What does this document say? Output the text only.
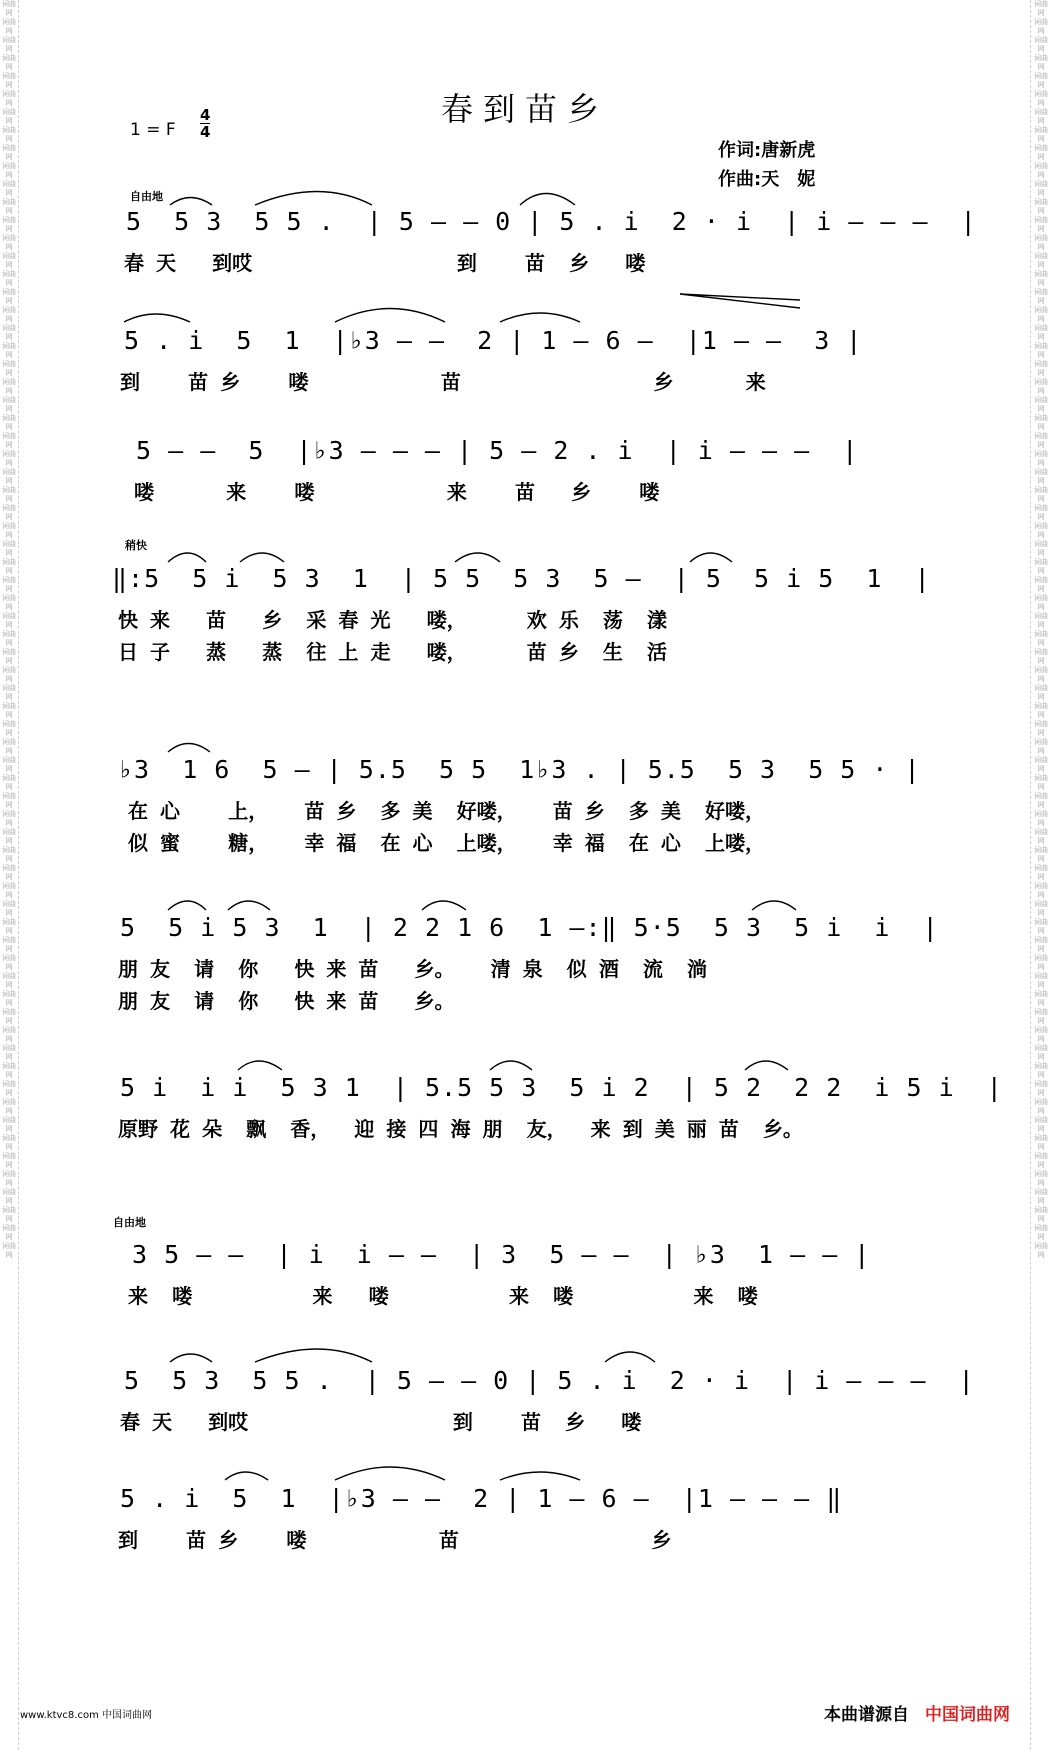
词曲网 词曲网 词曲网 词曲网 词曲网 词曲网 词曲网 词曲网 词曲网 词曲网 词曲网 词曲网 词曲网 词曲网 词曲网 词曲网 词曲网 词曲网 词曲网 词曲网 词曲网 词曲网 词曲网 词曲网 词曲网 词曲网 词曲网 词曲网 词曲网 词曲网 词曲网 词曲网 词曲网 词曲网 词曲网 词曲网 词曲网 词曲网 词曲网 词曲网 词曲网 词曲网 词曲网 词曲网 词曲网 词曲网 词曲网 词曲网 词曲网 词曲网 词曲网 词曲网 词曲网 词曲网 词曲网 词曲网 词曲网 词曲网 词曲网 词曲网 词曲网 词曲网 词曲网 词曲网 词曲网 词曲网 词曲网 词曲网 词曲网 词曲网
词曲网 词曲网 词曲网 词曲网 词曲网 词曲网 词曲网 词曲网 词曲网 词曲网 词曲网 词曲网 词曲网 词曲网 词曲网 词曲网 词曲网 词曲网 词曲网 词曲网 词曲网 词曲网 词曲网 词曲网 词曲网 词曲网 词曲网 词曲网 词曲网 词曲网 词曲网 词曲网 词曲网 词曲网 词曲网 词曲网 词曲网 词曲网 词曲网 词曲网 词曲网 词曲网 词曲网 词曲网 词曲网 词曲网 词曲网 词曲网 词曲网 词曲网 词曲网 词曲网 词曲网 词曲网 词曲网 词曲网 词曲网 词曲网 词曲网 词曲网 词曲网 词曲网 词曲网 词曲网 词曲网 词曲网 词曲网 词曲网 词曲网 词曲网
春到苗乡
1 = F $\frac{4}{4}$
作词:唐新虎
作曲:天　妮
自由地
稍快
自由地
5  5 3  5 5 .  | 5 — — 0 | 5 . i  2 · i  | i — — —  |
春 天   到哎                 到    苗  乡   喽
5 . i  5  1  |♭3 — —  2 | 1 — 6 —  |1 — —  3 |
到    苗 乡    喽           苗                乡      来
5 — —  5  |♭3 — — — | 5 — 2 . i  | i — — —  |
喽      来    喽           来    苗   乡    喽
‖:5  5 i  5 3  1  | 5 5  5 3  5 —  | 5  5 i 5  1  |
快 来   苗   乡  采 春 光   喽，     欢 乐  荡  漾
日 子   蒸   蒸  往 上 走   喽，     苗 乡  生  活
♭3  1 6  5 — | 5.5  5 5  1♭3 . | 5.5  5 3  5 5 · |
在 心    上，   苗 乡  多 美  好喽，   苗 乡  多 美  好喽，
似 蜜    糖，   幸 福  在 心  上喽，   幸 福  在 心  上喽，
5  5 i 5 3  1  | 2 2 1 6  1 —:‖ 5·5  5 3  5 i  i  |
朋 友  请  你   快 来 苗   乡。   清 泉  似 酒  流  淌
朋 友  请  你   快 来 苗   乡。
5 i  i i  5 3 1  | 5.5 5 3  5 i 2  | 5 2  2 2  i 5 i  |
原野 花 朵  飘  香，  迎 接 四 海 朋  友，  来 到 美 丽 苗  乡。
3 5 — —  | i  i — —  | 3  5 — —  | ♭3  1 — — |
来  喽          来   喽          来  喽          来  喽
5  5 3  5 5 .  | 5 — — 0 | 5 . i  2 · i  | i — — —  |
春 天   到哎                 到    苗  乡   喽
5 . i  5  1  |♭3 — —  2 | 1 — 6 —  |1 — — — ‖
到    苗 乡    喽           苗                乡
www.ktvc8.com 中国词曲网	本曲谱源自 中国词曲网
